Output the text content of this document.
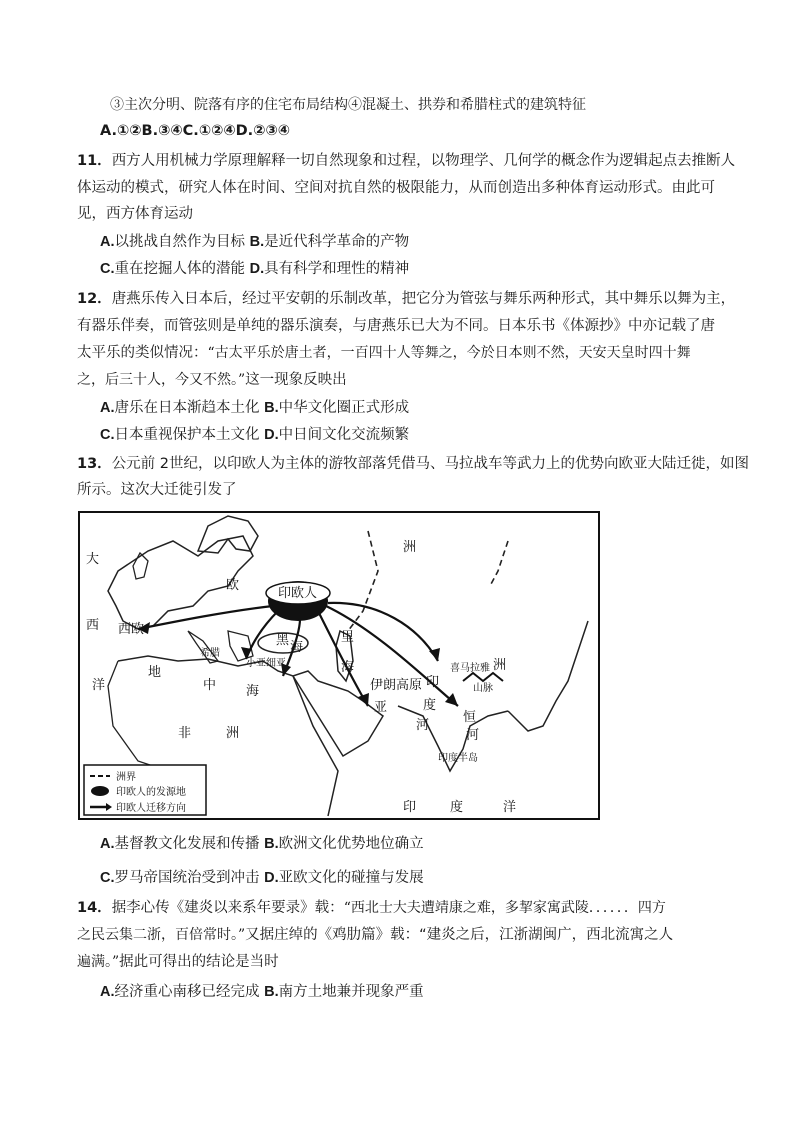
③主次分明、院落有序的住宅布局结构④混凝土、拱券和希腊柱式的建筑特征
A.①②B.③④C.①②④D.②③④
11．西方人用机械力学原理解释一切自然现象和过程，以物理学、几何学的概念作为逻辑起点去推断人
体运动的模式，研究人体在时间、空间对抗自然的极限能力，从而创造出多种体育运动形式。由此可
见，西方体育运动
A.以挑战自然作为目标 B.是近代科学革命的产物
C.重在挖掘人体的潜能 D.具有科学和理性的精神
12．唐燕乐传入日本后，经过平安朝的乐制改革，把它分为管弦与舞乐两种形式，其中舞乐以舞为主，
有器乐伴奏，而管弦则是单纯的器乐演奏，与唐燕乐已大为不同。日本乐书《体源抄》中亦记载了唐
太平乐的类似情况：“古太平乐於唐土者，一百四十人等舞之，今於日本则不然，天安天皇时四十舞
之，后三十人，今又不然。”这一现象反映出
A.唐乐在日本渐趋本土化 B.中华文化圈正式形成
C.日本重视保护本土文化 D.中日间文化交流频繁
13．公元前 2世纪，以印欧人为主体的游牧部落凭借马、马拉战车等武力上的优势向欧亚大陆迁徙，如图
所示。这次大迁徙引发了
大
西
洋
欧
洲
印欧人
西欧
黑 海
里
海
地
中 海
小亚细亚
希腊
伊朗高原
亚
印
度
河
喜马拉雅
山脉
洲
恒
河
印度半岛
非	洲
印	度	洋
洲界
印欧人的发源地
印欧人迁移方向
A.基督教文化发展和传播 B.欧洲文化优势地位确立
C.罗马帝国统治受到冲击 D.亚欧文化的碰撞与发展
14．据李心传《建炎以来系年要录》载：“西北士大夫遭靖康之难，多挈家寓武陵．．．．．．四方
之民云集二浙，百倍常时。”又据庄绰的《鸡肋篇》载：“建炎之后，江浙湖闽广，西北流寓之人
遍满。”据此可得出的结论是当时
A.经济重心南移已经完成 B.南方土地兼并现象严重
